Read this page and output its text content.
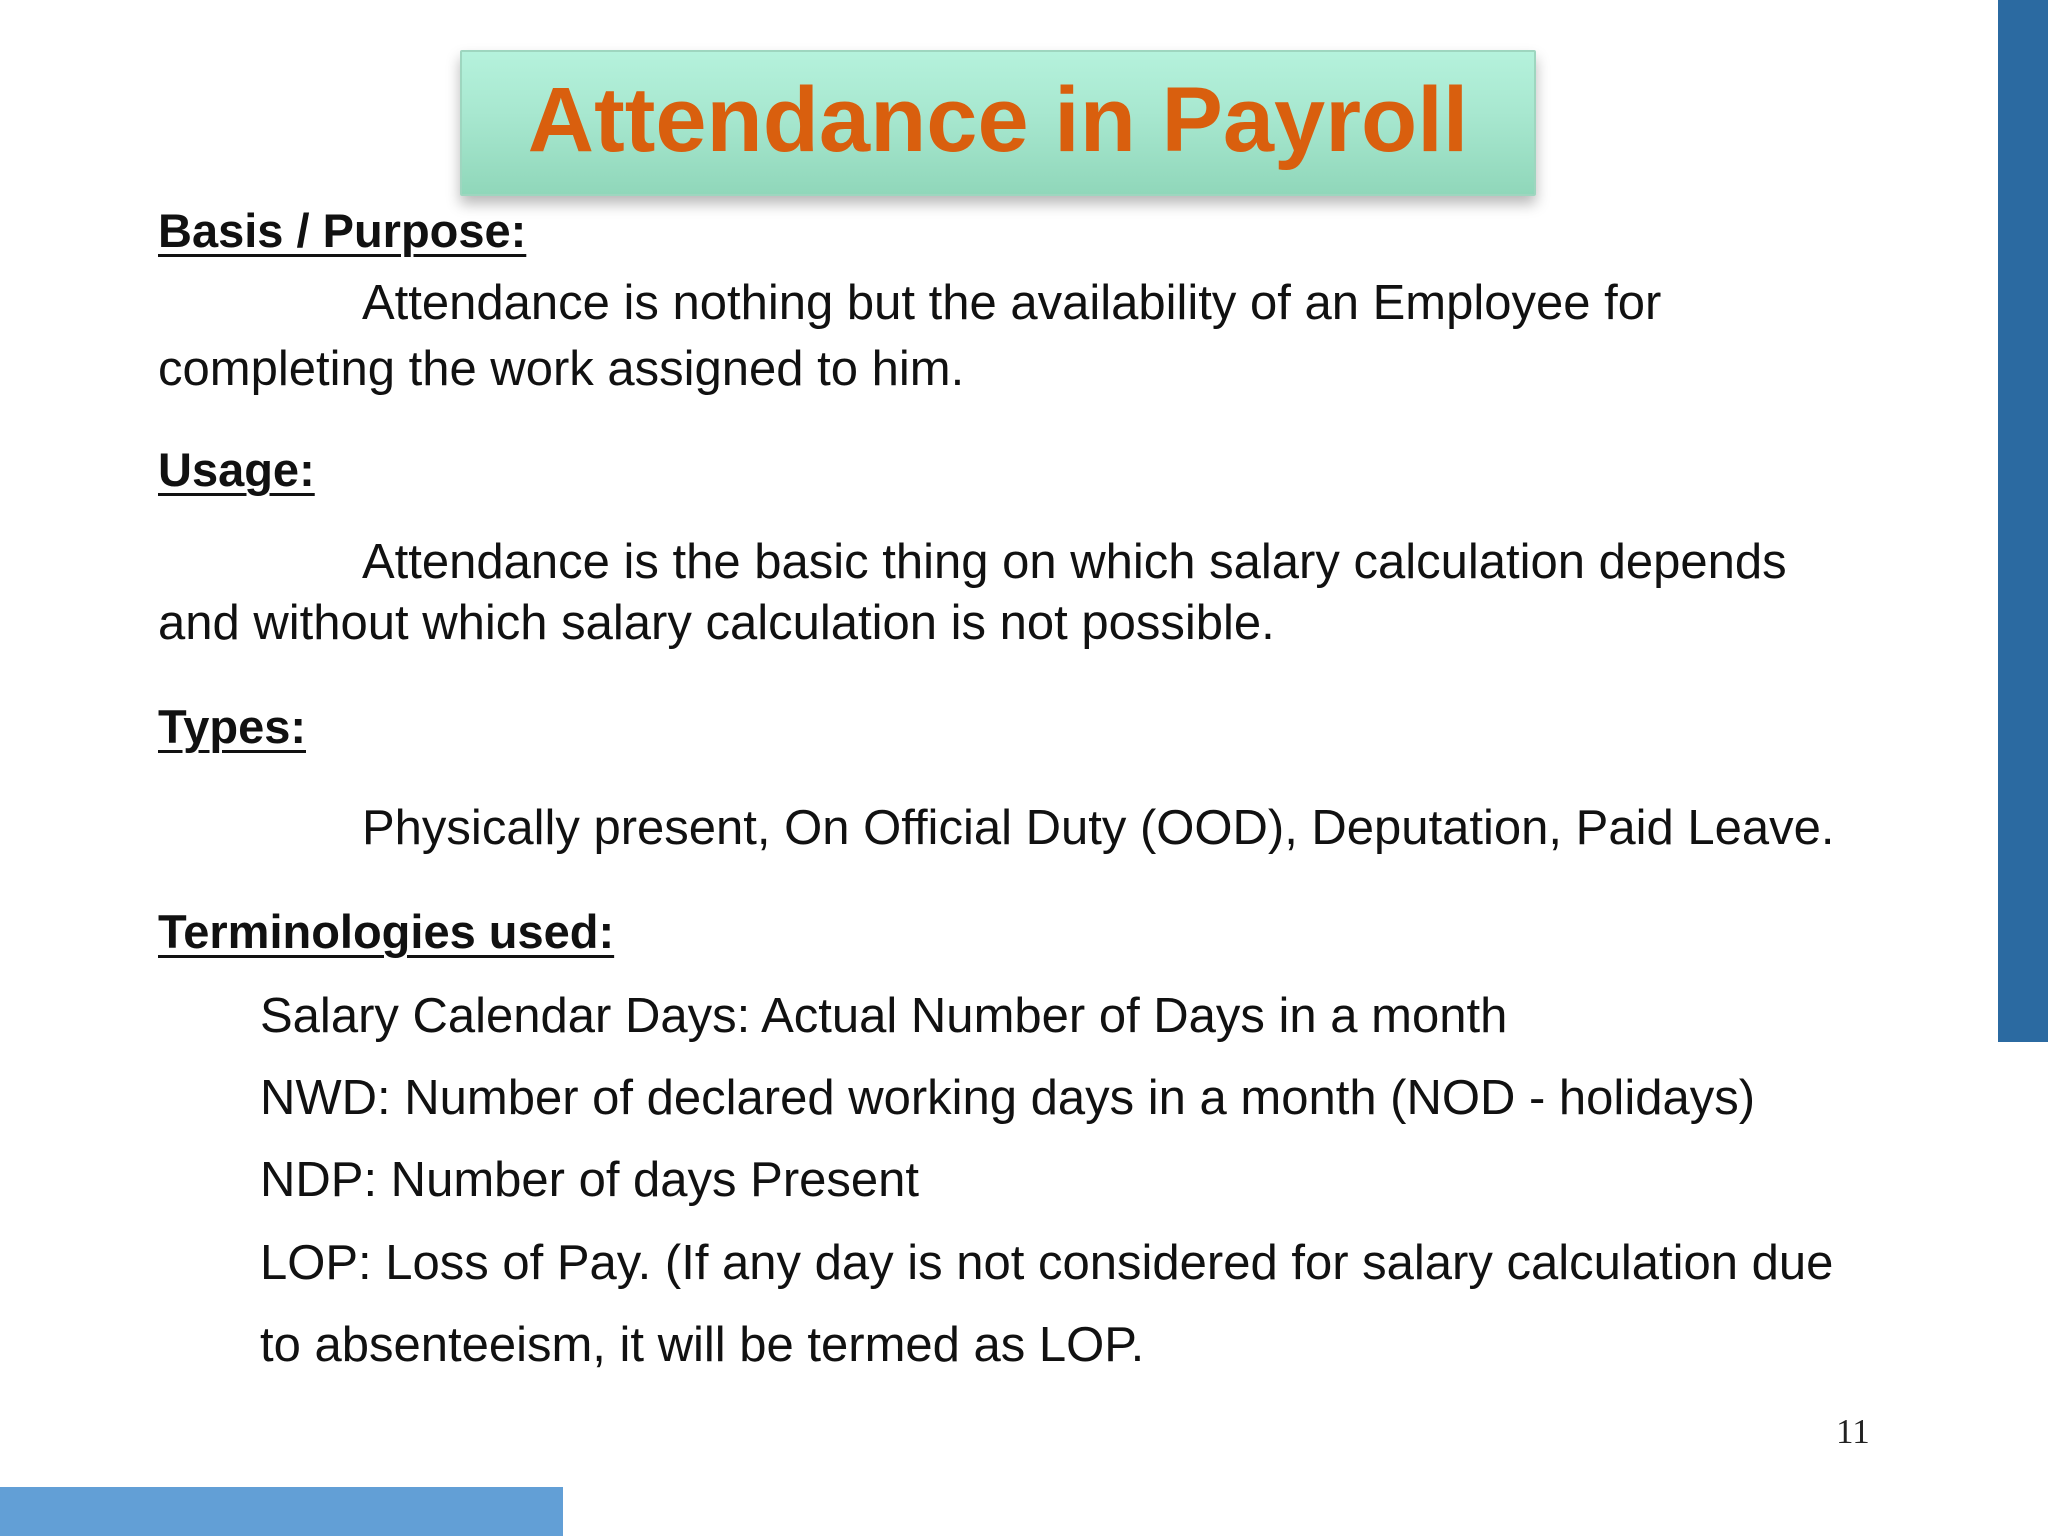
Attendance in Payroll
Basis / Purpose:
Attendance is nothing but the availability of an Employee for
completing the work assigned to him.
Usage:
Attendance is the basic thing on which salary calculation depends
and without which salary calculation is not possible.
Types:
Physically present, On Official Duty (OOD), Deputation, Paid Leave.
Terminologies used:
Salary Calendar Days: Actual Number of Days in a month
NWD: Number of declared working days in a month (NOD - holidays)
NDP: Number of days Present
LOP: Loss of Pay. (If any day is not considered for salary calculation due
to absenteeism, it will be termed as LOP.
11
